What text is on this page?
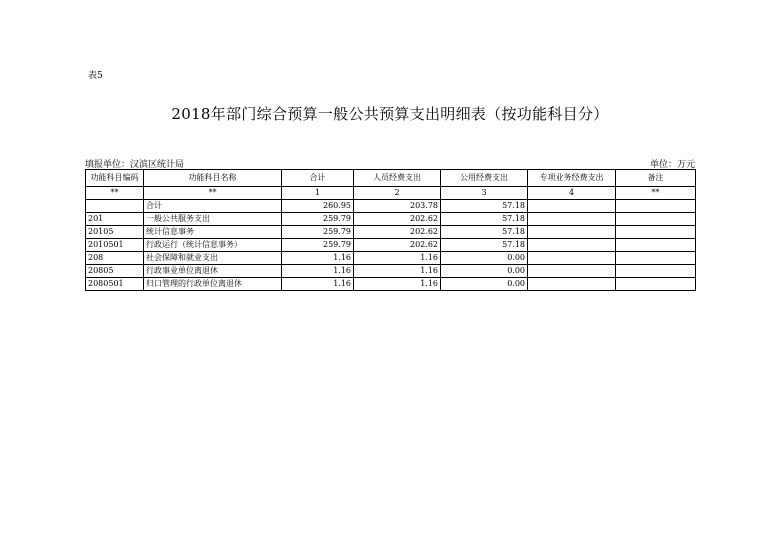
表5
2018年部门综合预算一般公共预算支出明细表（按功能科目分）
填报单位：汉滨区统计局	单位：万元
功能科目编码	功能科目名称	合计	人员经费支出	公用经费支出	专项业务经费支出	备注
**	**	1	2	3	4	**
	合计	260.95	203.78	57.18		
201	一般公共服务支出	259.79	202.62	57.18		
20105	统计信息事务	259.79	202.62	57.18		
2010501	行政运行（统计信息事务）	259.79	202.62	57.18		
208	社会保障和就业支出	1.16	1.16	0.00		
20805	行政事业单位离退休	1.16	1.16	0.00		
2080501	归口管理的行政单位离退休	1.16	1.16	0.00		
